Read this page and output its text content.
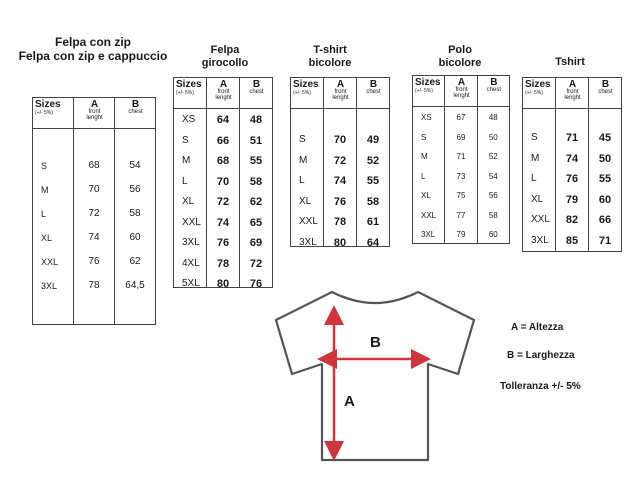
Felpa con zip
Felpa con zip e cappuccio	Felpa
girocollo
T-shirt
bicolore
Polo
bicolore	Tshirt
Sizes
(+/- 5%)
A
front
lenght
B
chest
S
M
L
XL
XXL
3XL
68
70
72
74
76
78
54
56
58
60
62
64,5
Sizes
(+/- 5%)
A
front
lenght
B
chest
XS
S
M
L
XL
XXL
3XL
4XL
5XL
64
66
68
70
72
74
76
78
80
48
51
55
58
62
65
69
72
76
Sizes
(+/- 5%)
A
front
lenght
B
chest
S
M
L
XL
XXL
3XL
70
72
74
76
78
80
49
52
55
58
61
64
Sizes
(+/- 5%)
A
front
lenght
B
chest
XS
S
M
L
XL
XXL
3XL
67
69
71
73
75
77
79
48
50
52
54
56
58
60
Sizes
(+/- 5%)
A
front
lenght
B
chest
S
M
L
XL
XXL
3XL
71
74
76
79
82
85
45
50
55
60
66
71
B
A
A = Altezza
B = Larghezza
Tolleranza +/- 5%
